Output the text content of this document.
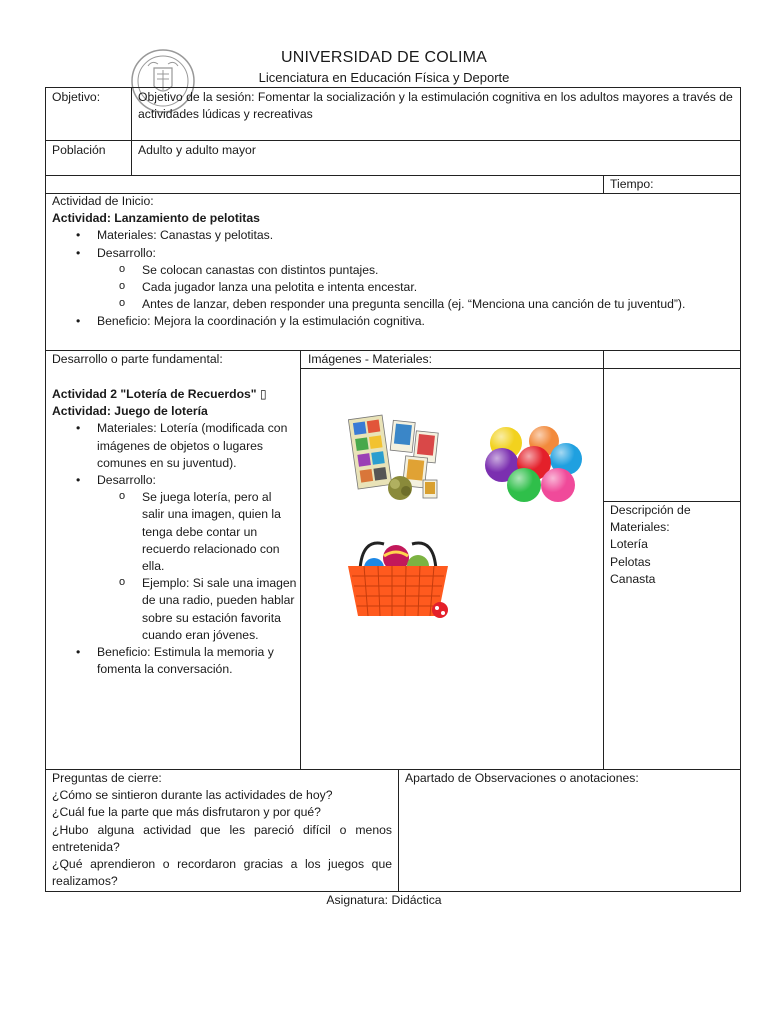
UNIVERSIDAD DE COLIMA
Licenciatura en Educación Física y Deporte
Objetivo:	Objetivo de la sesión: Fomentar la socialización y la estimulación cognitiva en los adultos mayores a través de actividades lúdicas y recreativas
Población	Adulto y adulto mayor
Tiempo:
Actividad de Inicio:
Actividad: Lanzamiento de pelotitas
• Materiales: Canastas y pelotitas.
• Desarrollo:
o Se colocan canastas con distintos puntajes.
o Cada jugador lanza una pelotita e intenta encestar.
o Antes de lanzar, deben responder una pregunta sencilla (ej. “Menciona una canción de tu juventud”).
• Beneficio: Mejora la coordinación y la estimulación cognitiva.
Desarrollo o parte fundamental:	Imágenes - Materiales:
Actividad 2 "Lotería de Recuerdos" ▯
Actividad: Juego de lotería
• Materiales: Lotería (modificada con imágenes de objetos o lugares comunes en su juventud).
• Desarrollo:
o Se juega lotería, pero al salir una imagen, quien la tenga debe contar un recuerdo relacionado con ella.
o Ejemplo: Si sale una imagen de una radio, pueden hablar sobre su estación favorita cuando eran jóvenes.
• Beneficio: Estimula la memoria y fomenta la conversación.
Descripción de Materiales:
Lotería
Pelotas
Canasta
Preguntas de cierre:
¿Cómo se sintieron durante las actividades de hoy?
¿Cuál fue la parte que más disfrutaron y por qué?
¿Hubo alguna actividad que les pareció difícil o menos entretenida?
¿Qué aprendieron o recordaron gracias a los juegos que realizamos?
Apartado de Observaciones o anotaciones:
Asignatura: Didáctica
